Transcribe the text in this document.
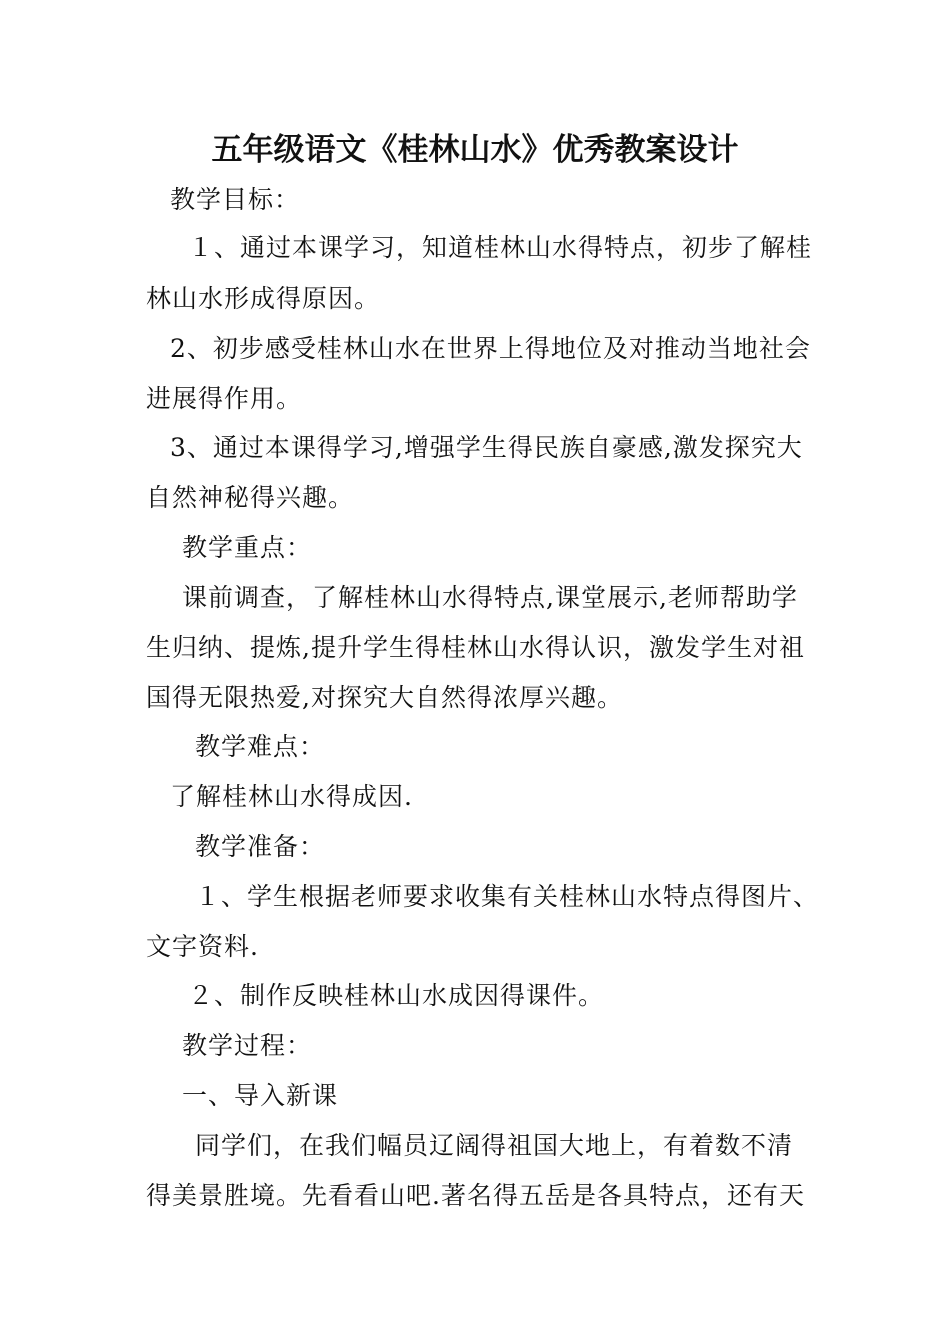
五年级语文《桂林山水》优秀教案设计
教学目标：
１、通过本课学习，知道桂林山水得特点，初步了解桂
林山水形成得原因。
2、初步感受桂林山水在世界上得地位及对推动当地社会
进展得作用。
3、通过本课得学习,增强学生得民族自豪感,激发探究大
自然神秘得兴趣。
教学重点：
课前调查，了解桂林山水得特点,课堂展示,老师帮助学
生归纳、提炼,提升学生得桂林山水得认识，激发学生对祖
国得无限热爱,对探究大自然得浓厚兴趣。
教学难点：
了解桂林山水得成因.
教学准备：
１、学生根据老师要求收集有关桂林山水特点得图片、
文字资料.
２、制作反映桂林山水成因得课件。
教学过程：
一、导入新课
同学们，在我们幅员辽阔得祖国大地上，有着数不清
得美景胜境。先看看山吧.著名得五岳是各具特点，还有天
